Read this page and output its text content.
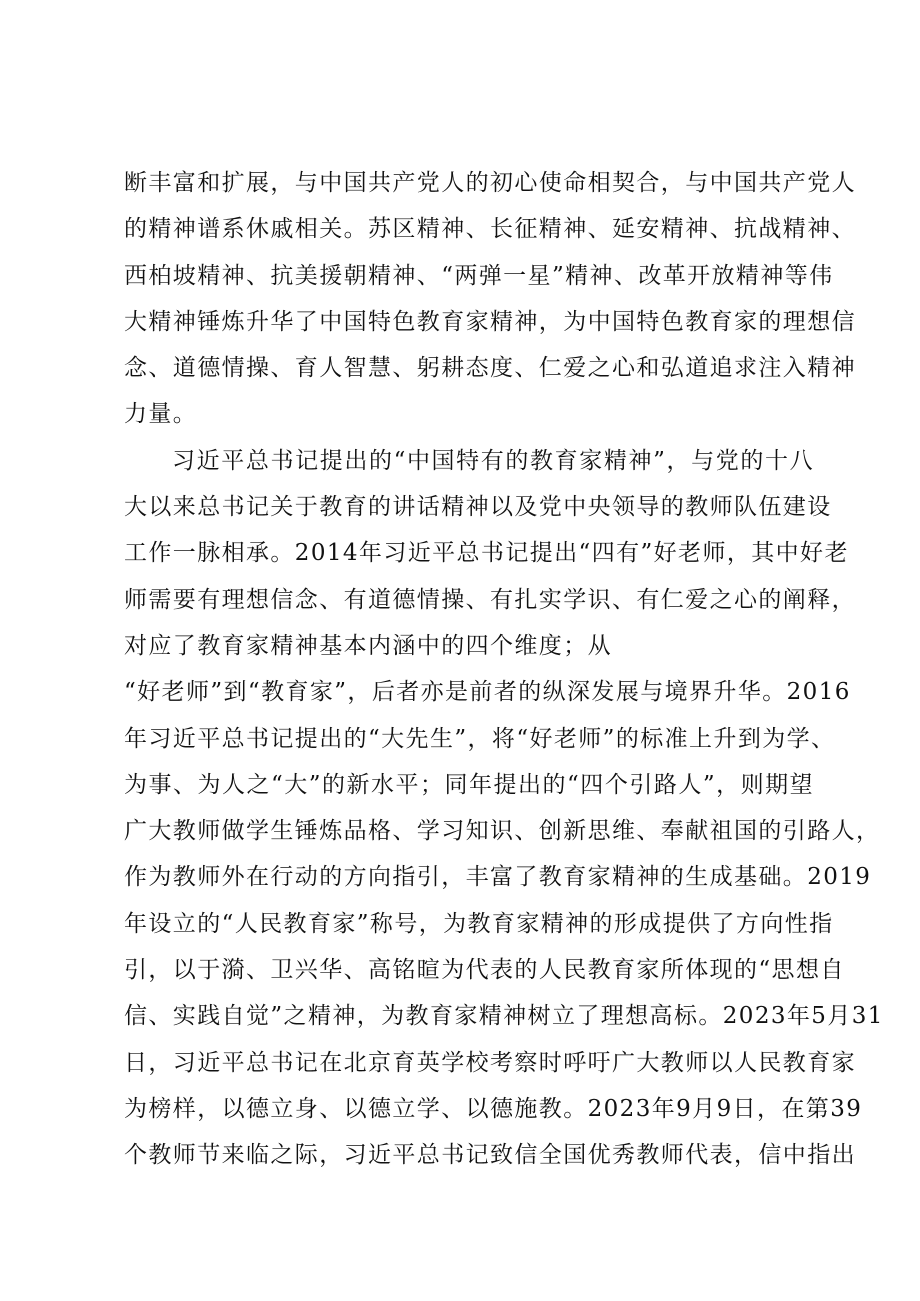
断丰富和扩展，与中国共产党人的初心使命相契合，与中国共产党人
的精神谱系休戚相关。苏区精神、长征精神、延安精神、抗战精神、
西柏坡精神、抗美援朝精神、“两弹一星”精神、改革开放精神等伟
大精神锤炼升华了中国特色教育家精神，为中国特色教育家的理想信
念、道德情操、育人智慧、躬耕态度、仁爱之心和弘道追求注入精神
力量。
习近平总书记提出的“中国特有的教育家精神”，与党的十八
大以来总书记关于教育的讲话精神以及党中央领导的教师队伍建设
工作一脉相承。2014年习近平总书记提出“四有”好老师，其中好老
师需要有理想信念、有道德情操、有扎实学识、有仁爱之心的阐释，
对应了教育家精神基本内涵中的四个维度；从
“好老师”到“教育家”，后者亦是前者的纵深发展与境界升华。2016
年习近平总书记提出的“大先生”，将“好老师”的标准上升到为学、
为事、为人之“大”的新水平；同年提出的“四个引路人”，则期望
广大教师做学生锤炼品格、学习知识、创新思维、奉献祖国的引路人，
作为教师外在行动的方向指引，丰富了教育家精神的生成基础。2019
年设立的“人民教育家”称号，为教育家精神的形成提供了方向性指
引，以于漪、卫兴华、高铭暄为代表的人民教育家所体现的“思想自
信、实践自觉”之精神，为教育家精神树立了理想高标。2023年5月31
日，习近平总书记在北京育英学校考察时呼吁广大教师以人民教育家
为榜样，以德立身、以德立学、以德施教。2023年9月9日，在第39
个教师节来临之际，习近平总书记致信全国优秀教师代表，信中指出
